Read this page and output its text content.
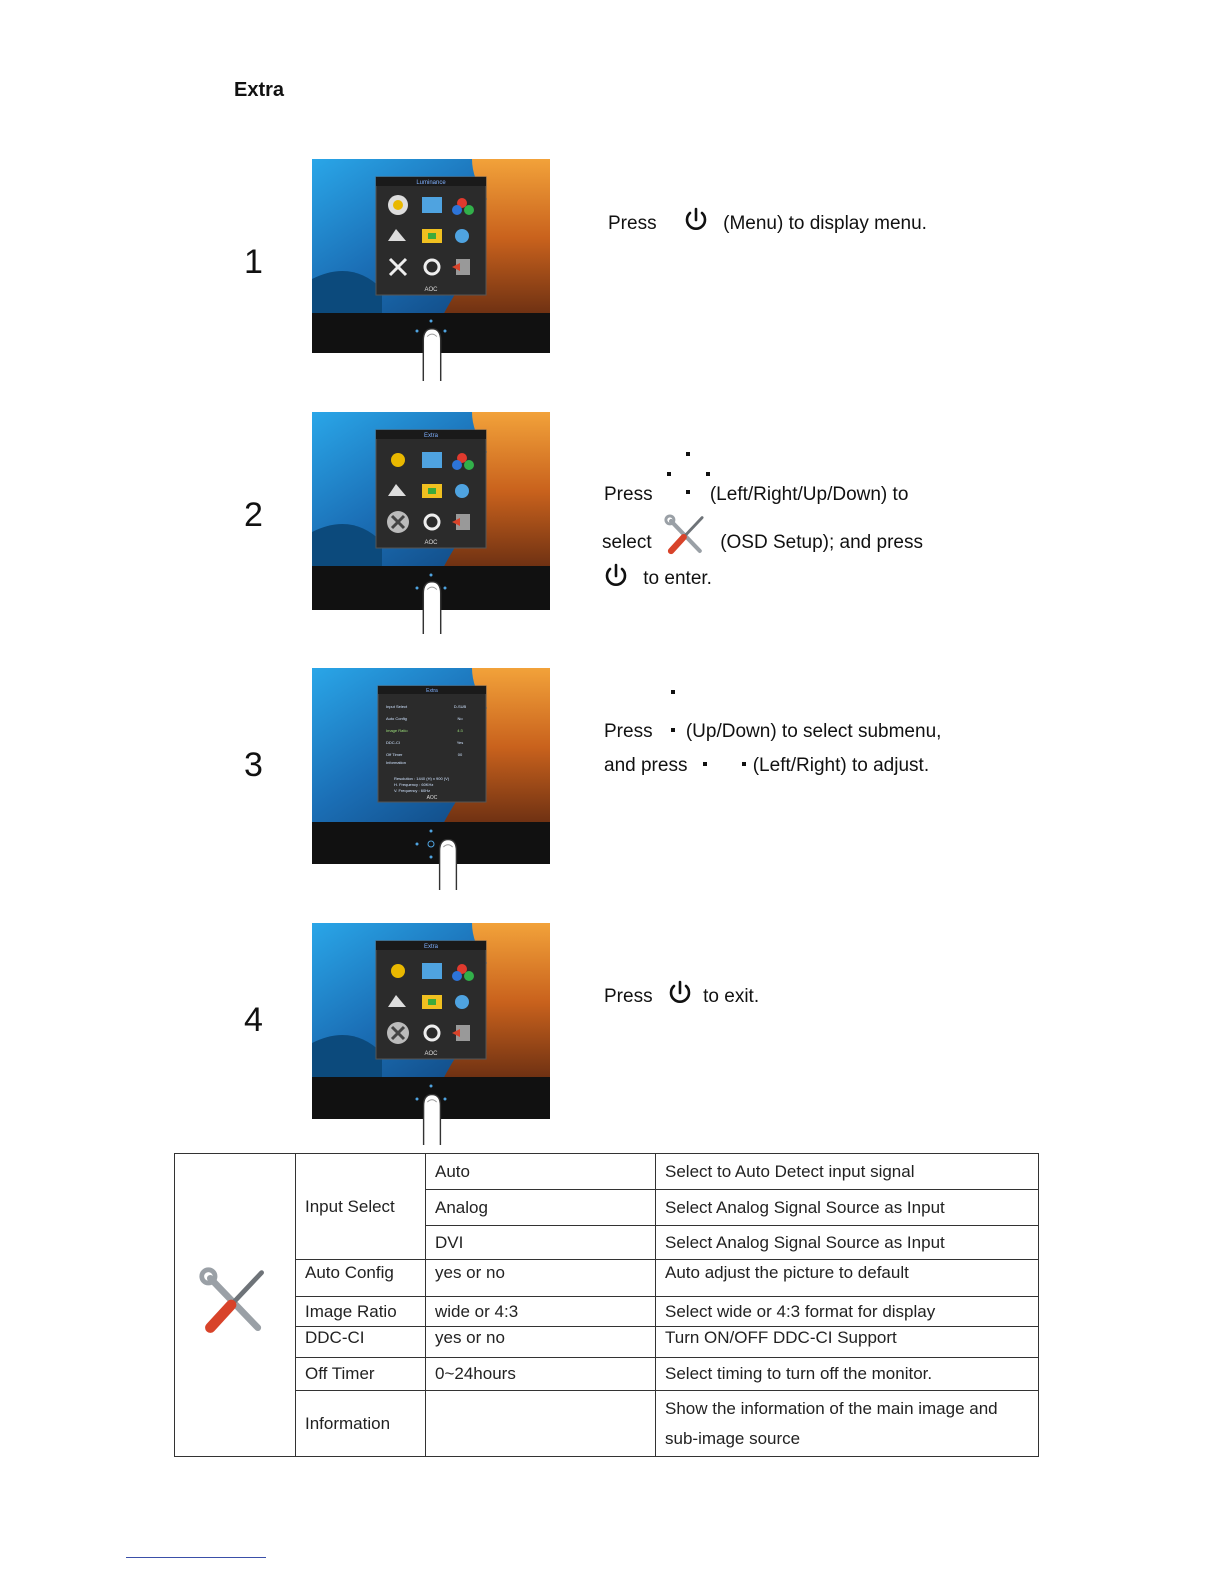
Extra
1
Luminance
AOC
Press	(Menu) to display menu.
2
Extra
AOC
Press	(Left/Right/Up/Down) to
select	(OSD Setup); and press
to enter.
3
Extra
Input Select	D-SUB
Auto Config	No
Image Ratio	4:3
DDC-CI	Yes
Off Timer	00
Information
Resolution : 1440 (H) x 900 (V)
H. Frequency : 60KHz
V. Frequency : 60Hz
AOC
Press (Up/Down) to select submenu,
and press	(Left/Right) to adjust.
4
Extra
AOC
Press	to exit.
	Input Select	Auto	Select to Auto Detect input signal
		Analog	Select Analog Signal Source as Input
		DVI	Select Analog Signal Source as Input
	Auto Config	yes or no	Auto adjust the picture to default
	Image Ratio	wide or 4:3	Select wide or 4:3 format for display
	DDC-CI	yes or no	Turn ON/OFF DDC-CI Support
	Off Timer	0~24hours	Select timing to turn off the monitor.
	Information		Show the information of the main image and
sub-image source
